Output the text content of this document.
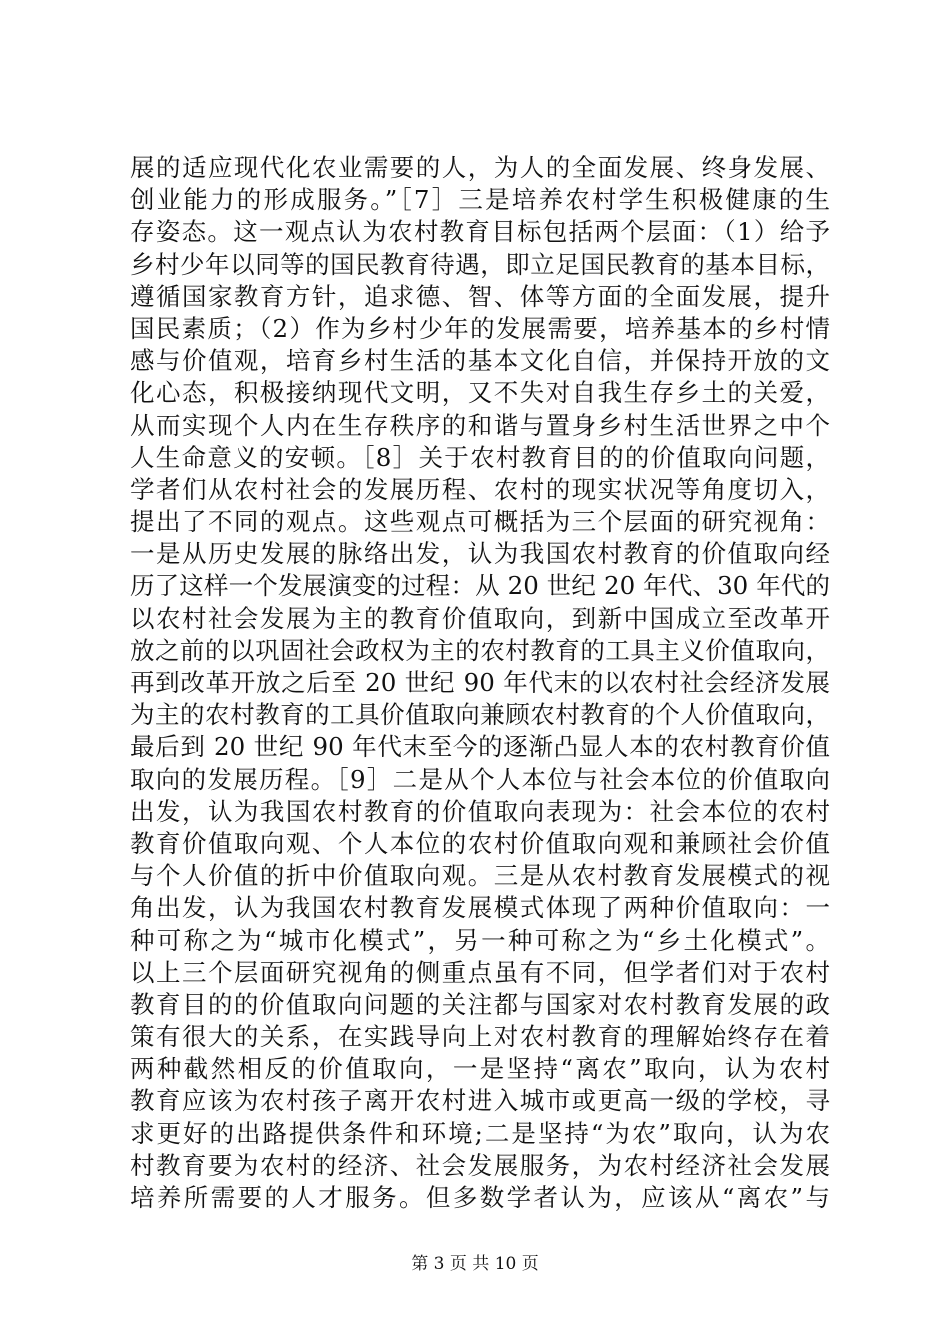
展的适应现代化农业需要的人，为人的全面发展、终身发展、
创业能力的形成服务。”［7］三是培养农村学生积极健康的生
存姿态。这一观点认为农村教育目标包括两个层面：（1）给予
乡村少年以同等的国民教育待遇，即立足国民教育的基本目标，
遵循国家教育方针，追求德、智、体等方面的全面发展，提升
国民素质；（2）作为乡村少年的发展需要，培养基本的乡村情
感与价值观，培育乡村生活的基本文化自信，并保持开放的文
化心态，积极接纳现代文明，又不失对自我生存乡土的关爱，
从而实现个人内在生存秩序的和谐与置身乡村生活世界之中个
人生命意义的安顿。［8］关于农村教育目的的价值取向问题，
学者们从农村社会的发展历程、农村的现实状况等角度切入，
提出了不同的观点。这些观点可概括为三个层面的研究视角：
一是从历史发展的脉络出发，认为我国农村教育的价值取向经
历了这样一个发展演变的过程：从 20 世纪 20 年代、30 年代的
以农村社会发展为主的教育价值取向，到新中国成立至改革开
放之前的以巩固社会政权为主的农村教育的工具主义价值取向，
再到改革开放之后至 20 世纪 90 年代末的以农村社会经济发展
为主的农村教育的工具价值取向兼顾农村教育的个人价值取向，
最后到 20 世纪 90 年代末至今的逐渐凸显人本的农村教育价值
取向的发展历程。［9］二是从个人本位与社会本位的价值取向
出发，认为我国农村教育的价值取向表现为：社会本位的农村
教育价值取向观、个人本位的农村价值取向观和兼顾社会价值
与个人价值的折中价值取向观。三是从农村教育发展模式的视
角出发，认为我国农村教育发展模式体现了两种价值取向：一
种可称之为“城市化模式”，另一种可称之为“乡土化模式”。
以上三个层面研究视角的侧重点虽有不同，但学者们对于农村
教育目的的价值取向问题的关注都与国家对农村教育发展的政
策有很大的关系，在实践导向上对农村教育的理解始终存在着
两种截然相反的价值取向，一是坚持“离农”取向，认为农村
教育应该为农村孩子离开农村进入城市或更高一级的学校，寻
求更好的出路提供条件和环境;二是坚持“为农”取向，认为农
村教育要为农村的经济、社会发展服务，为农村经济社会发展
培养所需要的人才服务。但多数学者认为，应该从“离农”与
第 3 页 共 10 页
